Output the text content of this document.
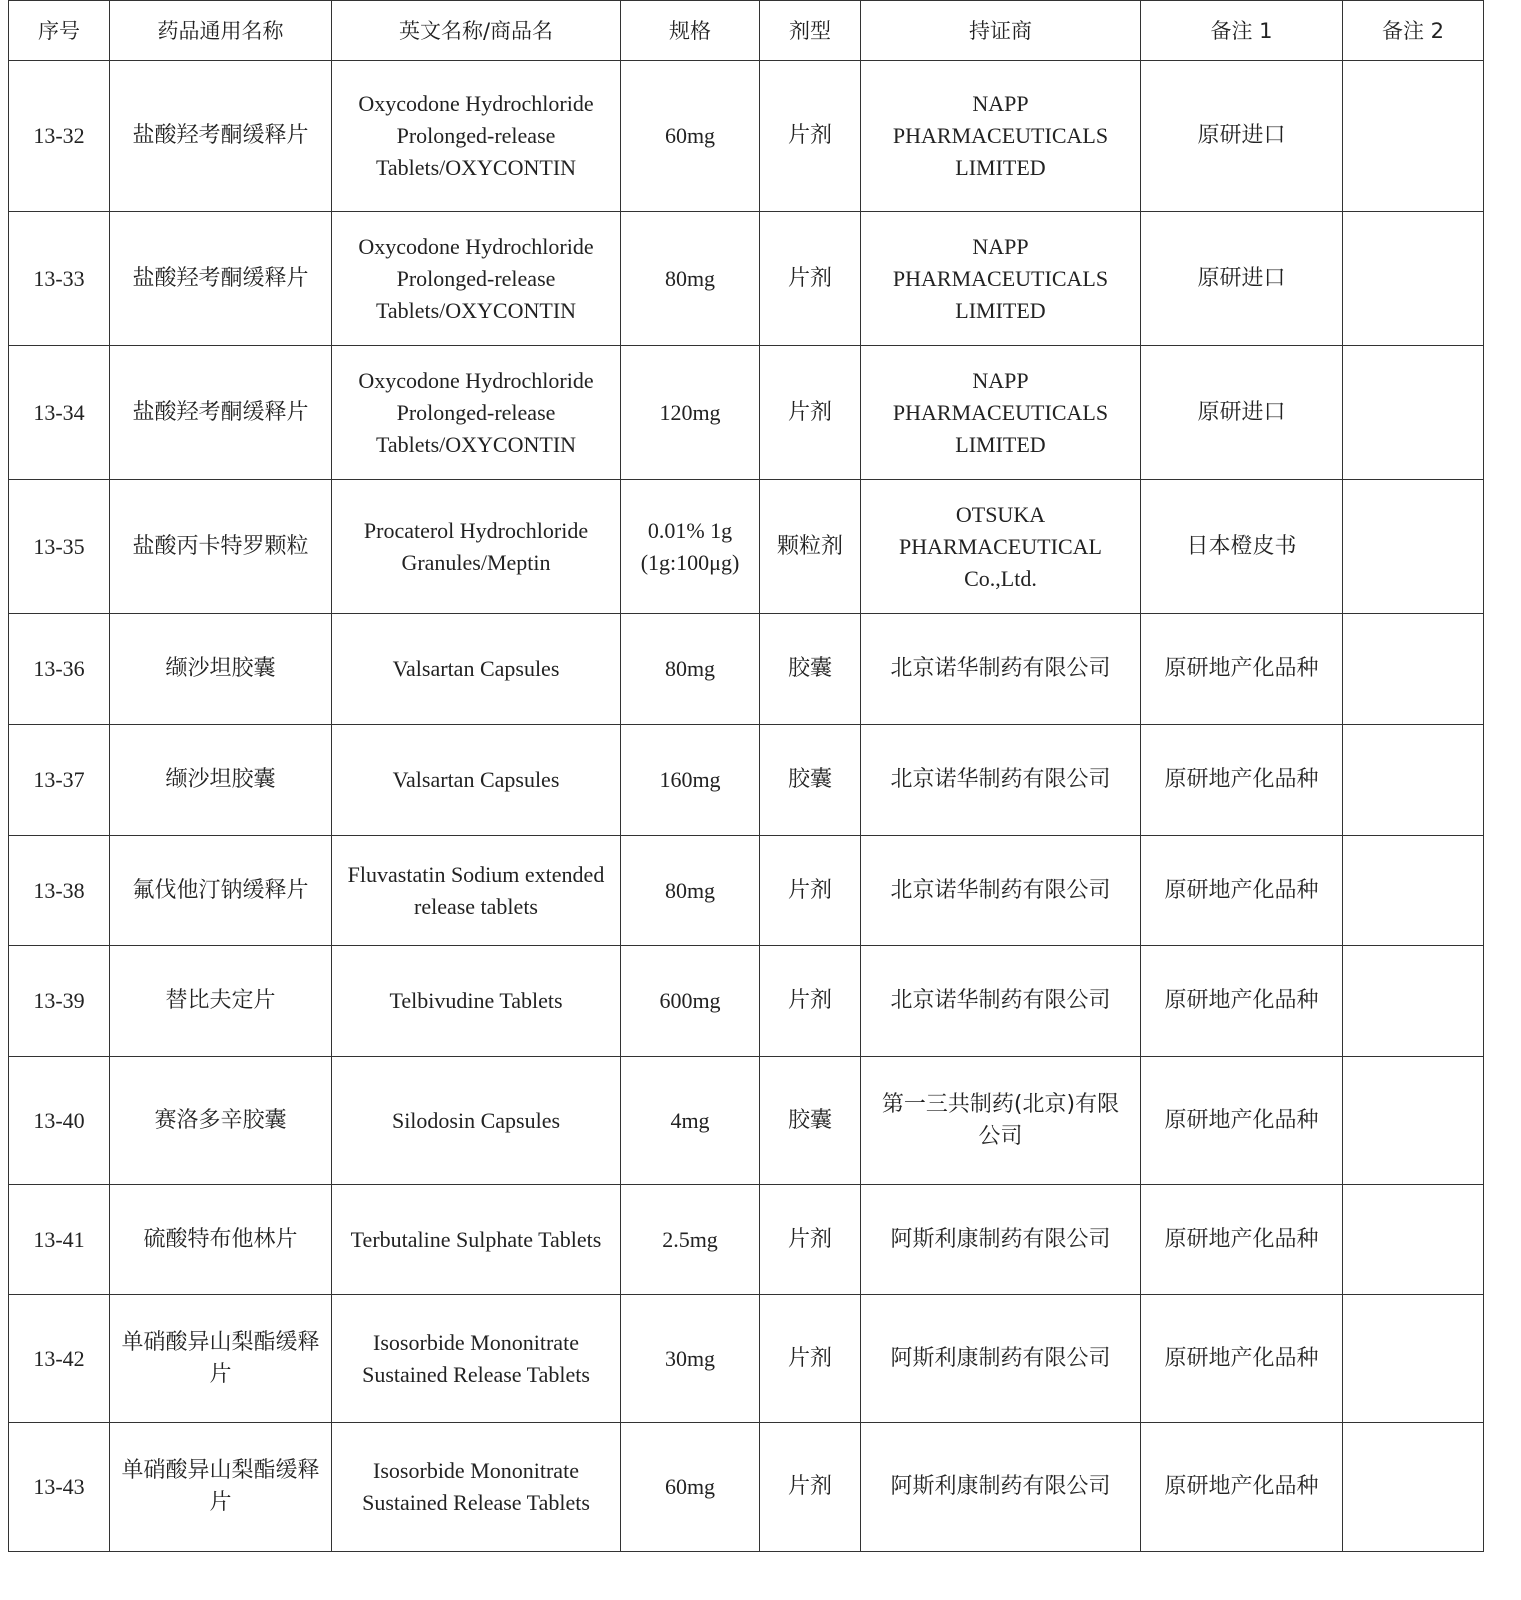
序号	药品通用名称	英文名称/商品名	规格	剂型	持证商	备注 1	备注 2
13-32	盐酸羟考酮缓释片	Oxycodone Hydrochloride Prolonged-release Tablets/OXYCONTIN	60mg	片剂	NAPP PHARMACEUTICALS LIMITED	原研进口	
13-33	盐酸羟考酮缓释片	Oxycodone Hydrochloride Prolonged-release Tablets/OXYCONTIN	80mg	片剂	NAPP PHARMACEUTICALS LIMITED	原研进口	
13-34	盐酸羟考酮缓释片	Oxycodone Hydrochloride Prolonged-release Tablets/OXYCONTIN	120mg	片剂	NAPP PHARMACEUTICALS LIMITED	原研进口	
13-35	盐酸丙卡特罗颗粒	Procaterol Hydrochloride Granules/Meptin	0.01% 1g (1g:100μg)	颗粒剂	OTSUKA PHARMACEUTICAL Co.,Ltd.	日本橙皮书	
13-36	缬沙坦胶囊	Valsartan Capsules	80mg	胶囊	北京诺华制药有限公司	原研地产化品种	
13-37	缬沙坦胶囊	Valsartan Capsules	160mg	胶囊	北京诺华制药有限公司	原研地产化品种	
13-38	氟伐他汀钠缓释片	Fluvastatin Sodium extended release tablets	80mg	片剂	北京诺华制药有限公司	原研地产化品种	
13-39	替比夫定片	Telbivudine Tablets	600mg	片剂	北京诺华制药有限公司	原研地产化品种	
13-40	赛洛多辛胶囊	Silodosin Capsules	4mg	胶囊	第一三共制药(北京)有限公司	原研地产化品种	
13-41	硫酸特布他林片	Terbutaline Sulphate Tablets	2.5mg	片剂	阿斯利康制药有限公司	原研地产化品种	
13-42	单硝酸异山梨酯缓释片	Isosorbide Mononitrate Sustained Release Tablets	30mg	片剂	阿斯利康制药有限公司	原研地产化品种	
13-43	单硝酸异山梨酯缓释片	Isosorbide Mononitrate Sustained Release Tablets	60mg	片剂	阿斯利康制药有限公司	原研地产化品种	
